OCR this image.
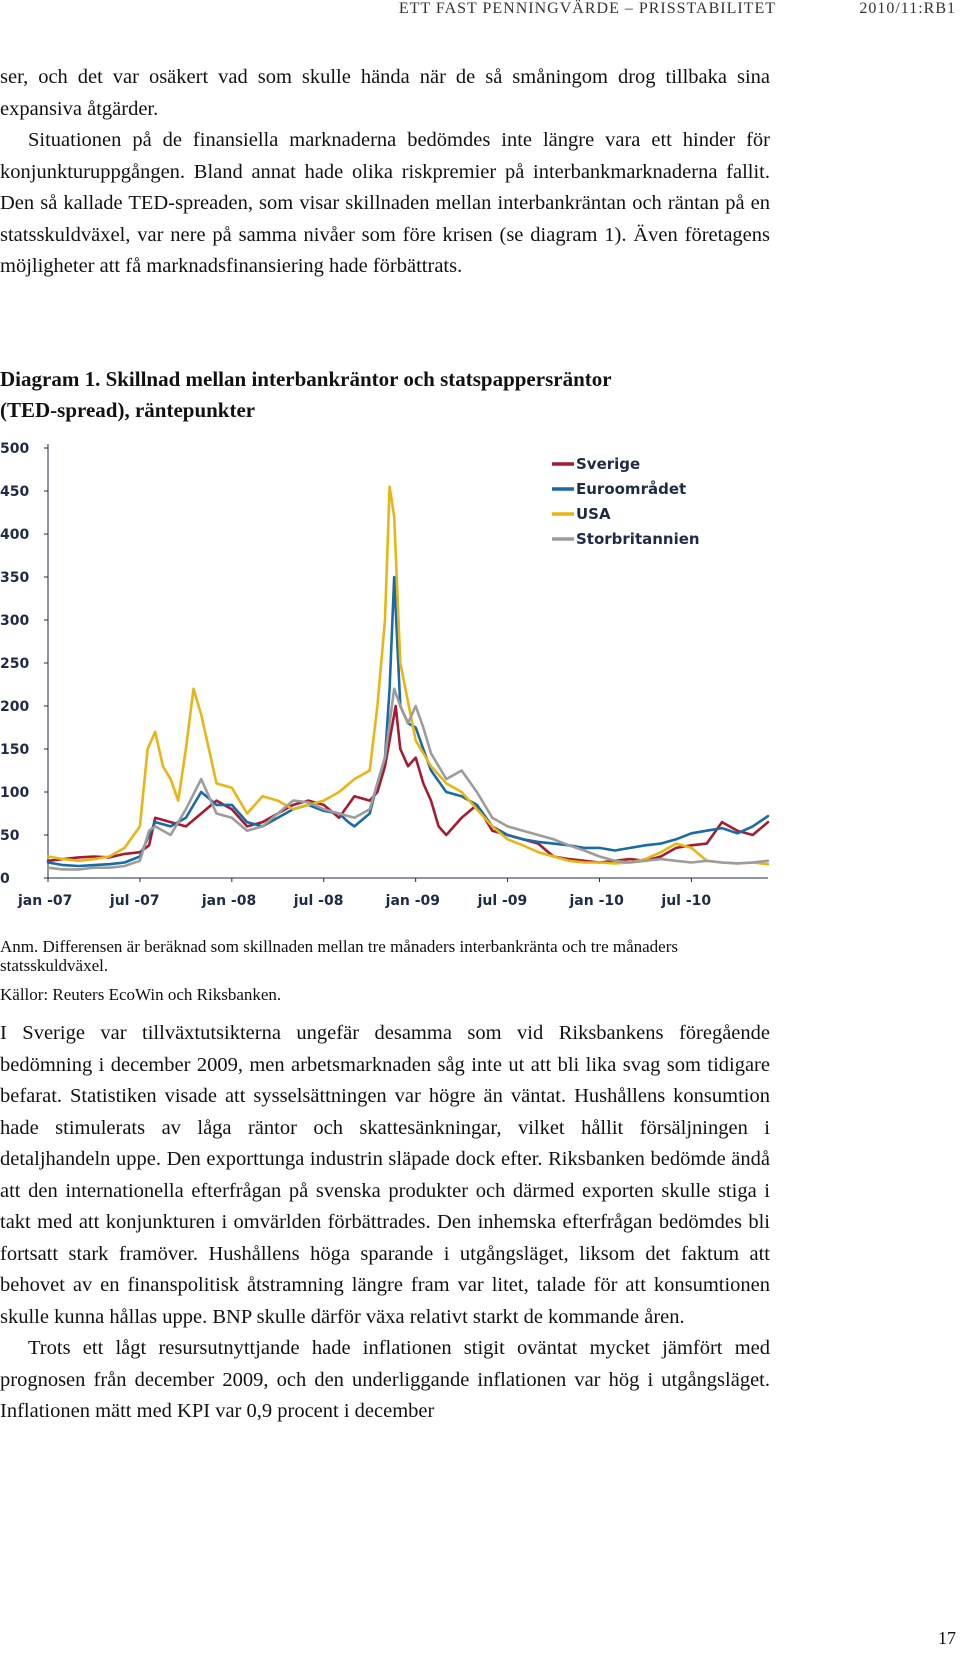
ETT FAST PENNINGVÄRDE – PRISSTABILITET	2010/11:RB1

ser, och det var osäkert vad som skulle hända när de så småningom drog tillbaka sina expansiva åtgärder.

Situationen på de finansiella marknaderna bedömdes inte längre vara ett hinder för konjunkturuppgången. Bland annat hade olika riskpremier på interbankmarknaderna fallit. Den så kallade TED-spreaden, som visar skillnaden mellan interbankräntan och räntan på en statsskuldväxel, var nere på samma nivåer som före krisen (se diagram 1). Även företagens möjligheter att få marknadsfinansiering hade förbättrats.

Diagram 1. Skillnad mellan interbankräntor och statspappersräntor
(TED-spread), räntepunkter
0
50
100
150
200
250
300
350
400
450
500
jan -07	jul -07	jan -08	jul -08	jan -09	jul -09	jan -10	jul -10
Sverige
Euroområdet
USA
Storbritannien
Anm. Differensen är beräknad som skillnaden mellan tre månaders interbankränta och tre månaders statsskuldväxel.
Källor: Reuters EcoWin och Riksbanken.

I Sverige var tillväxtutsikterna ungefär desamma som vid Riksbankens föregående bedömning i december 2009, men arbetsmarknaden såg inte ut att bli lika svag som tidigare befarat. Statistiken visade att sysselsättningen var högre än väntat. Hushållens konsumtion hade stimulerats av låga räntor och skattesänkningar, vilket hållit försäljningen i detaljhandeln uppe. Den exporttunga industrin släpade dock efter. Riksbanken bedömde ändå att den internationella efterfrågan på svenska produkter och därmed exporten skulle stiga i takt med att konjunkturen i omvärlden förbättrades. Den inhemska efterfrågan bedömdes bli fortsatt stark framöver. Hushållens höga sparande i utgångsläget, liksom det faktum att behovet av en finanspolitisk åtstramning längre fram var litet, talade för att konsumtionen skulle kunna hållas uppe. BNP skulle därför växa relativt starkt de kommande åren.

Trots ett lågt resursutnyttjande hade inflationen stigit oväntat mycket jämfört med prognosen från december 2009, och den underliggande inflationen var hög i utgångsläget. Inflationen mätt med KPI var 0,9 procent i december

17
